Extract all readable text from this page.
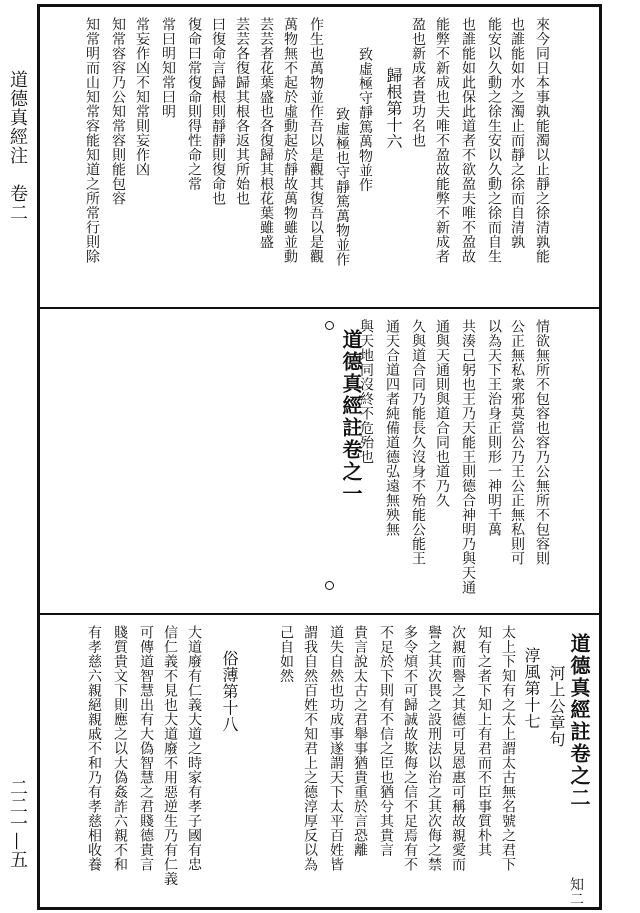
道德真經注　卷二
二二一—五
來今同日本事孰能濁以止靜之徐清孰能
也誰能如水之濁止而靜之徐而自清孰
能安以久動之徐生安以久動之徐而自生
也誰能如此保此道者不欲盈夫唯不盈故
能弊不新成也夫唯不盈故能弊不新成者
盈也新成者貴功名也
歸根第十六
致虛極守靜篤萬物並作
致虛極也守靜篤萬物並作
作生也萬物並作吾以是觀其復吾以是觀
萬物無不起於虛動起於靜故萬物雖並動
芸芸者花葉盛也各復歸其根花葉雖盛
芸芸各復歸其根各返其所始也
曰復命言歸根則靜靜則復命也
復命曰常復命則得性命之常
常曰明知常曰明
常妄作凶不知常則妄作凶
知常容容乃公知常容則能包容
知常明而山知常容能知道之所常行則除
道德真經註卷之一	情欲無所不包容也容乃公無所不包容則
公正無私衆邪莫當公乃王公正無私則可
以為天下王治身正則形一神明千萬
共湊己躬也王乃天能王則德合神明乃與天通
通與天通則與道合同也道乃久
久與道合同乃能長久沒身不殆能公能王
通天合道四者純備道德弘遠無殃無
與天地同沒終不危殆也
道德真經註卷之二
河上公章句
知二
淳風第十七
太上下知有之太上謂太古無名號之君下
知有之者下知上有君而不臣事質朴其
次親而譽之其德可見恩惠可稱故親愛而
譽之其次畏之設刑法以治之其次侮之禁
多令煩不可歸誠故欺侮之信不足焉有不
不足於下則有不信之臣也猶兮其貴言
貴言說太古之君舉事猶貴重於言恐離
道失自然也功成事遂謂天下太平百姓皆
謂我自然百姓不知君上之德淳厚反以為
己自如然
俗薄第十八
大道廢有仁義大道之時家有孝子國有忠
信仁義不見也大道廢不用惡逆生乃有仁義
可傳道智慧出有大偽智慧之君賤德貴言
賤質貴文下則應之以大偽姦詐六親不和
有孝慈六親絕親戚不和乃有孝慈相收養
